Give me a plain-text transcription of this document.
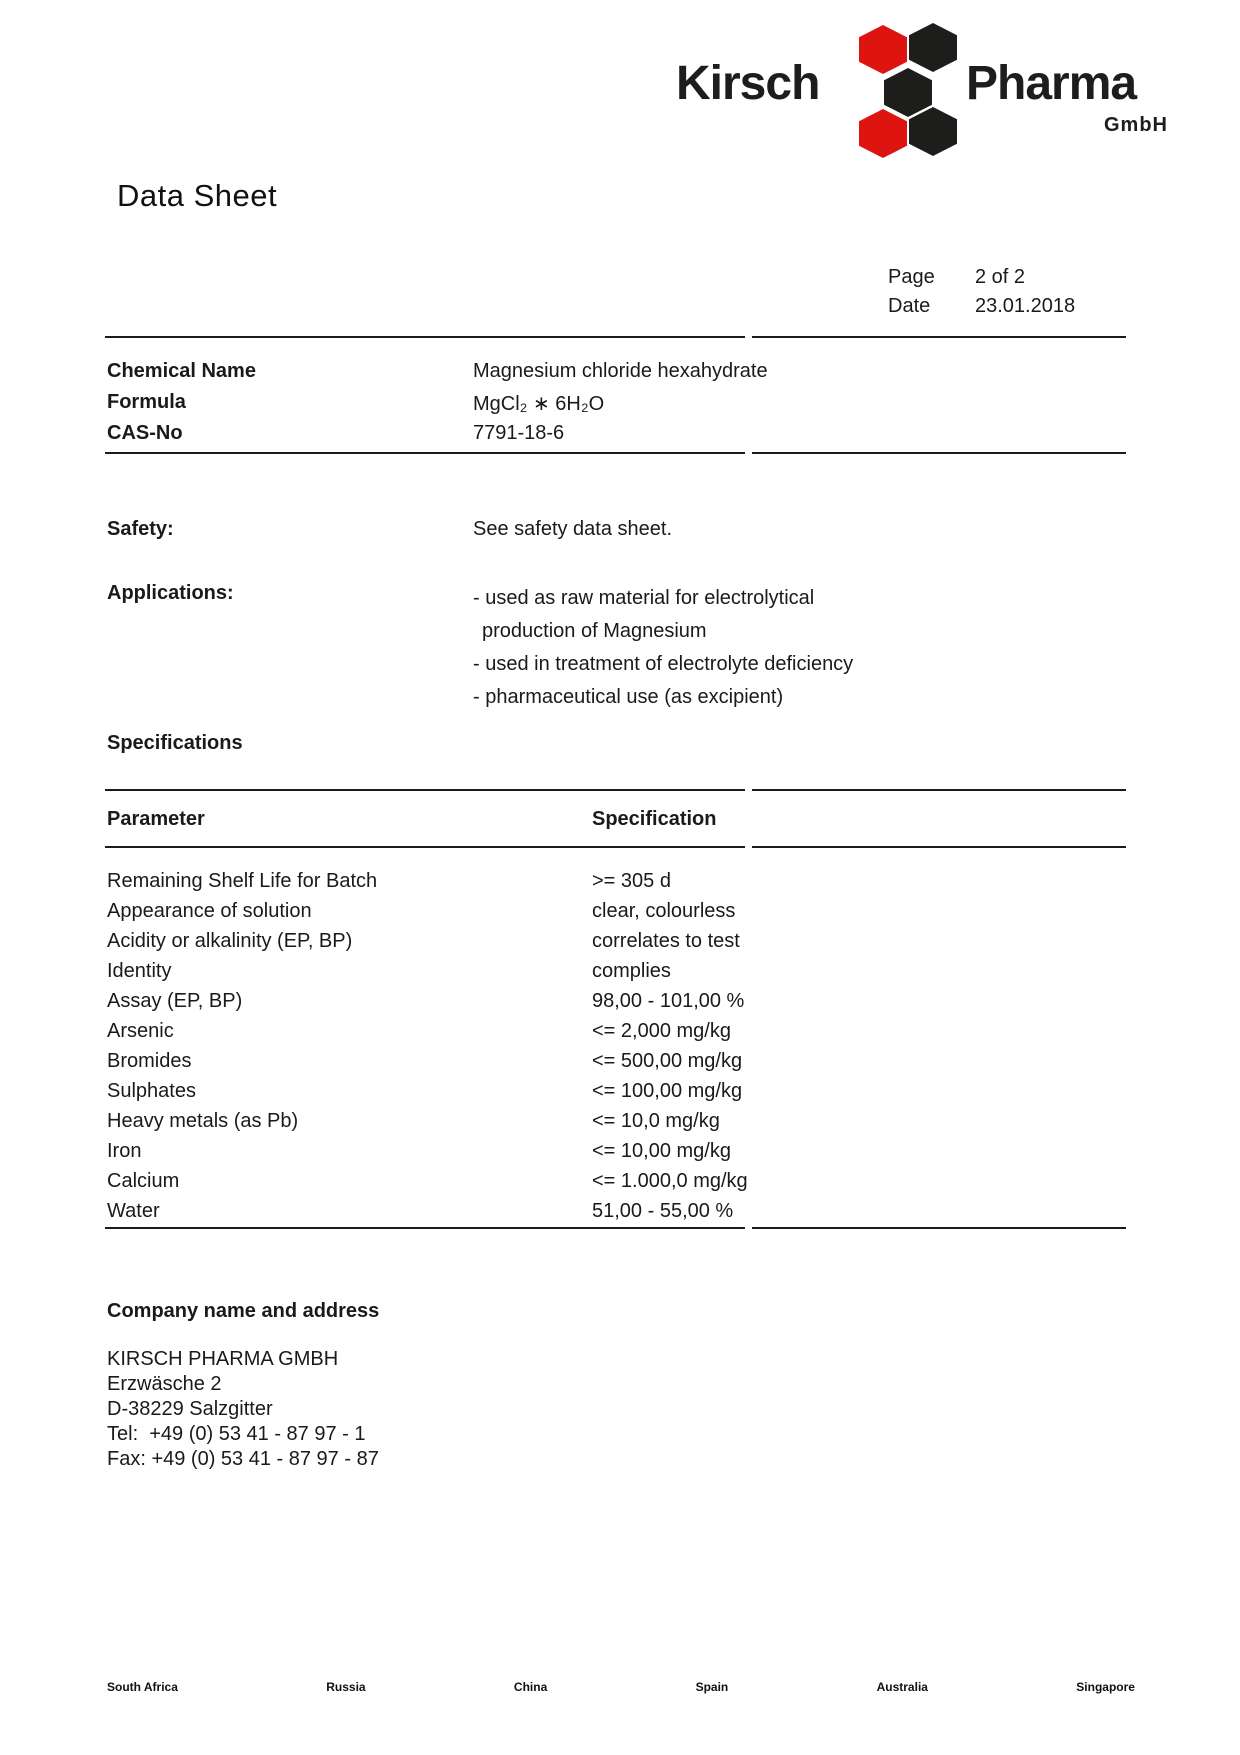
Kirsch	Pharma
GmbH
Data Sheet
Page 2 of 2
Date 23.01.2018
Chemical Name	Magnesium chloride hexahydrate
Formula	MgCl₂ ∗ 6H₂O
CAS-No	7791-18-6
Safety:	See safety data sheet.
Applications:	- used as raw material for electrolytical
production of Magnesium
- used in treatment of electrolyte deficiency
- pharmaceutical use (as excipient)
Specifications
Parameter	Specification
Remaining Shelf Life for Batch	>= 305 d
Appearance of solution	clear, colourless
Acidity or alkalinity (EP, BP)	correlates to test
Identity	complies
Assay (EP, BP)	98,00 - 101,00 %
Arsenic	<= 2,000 mg/kg
Bromides	<= 500,00 mg/kg
Sulphates	<= 100,00 mg/kg
Heavy metals (as Pb)	<= 10,0 mg/kg
Iron	<= 10,00 mg/kg
Calcium	<= 1.000,0 mg/kg
Water	51,00 - 55,00 %
Company name and address
KIRSCH PHARMA GMBH
Erzwäsche 2
D-38229 Salzgitter
Tel:  +49 (0) 53 41 - 87 97 - 1
Fax: +49 (0) 53 41 - 87 97 - 87
South Africa	Russia	China	Spain	Australia	Singapore
